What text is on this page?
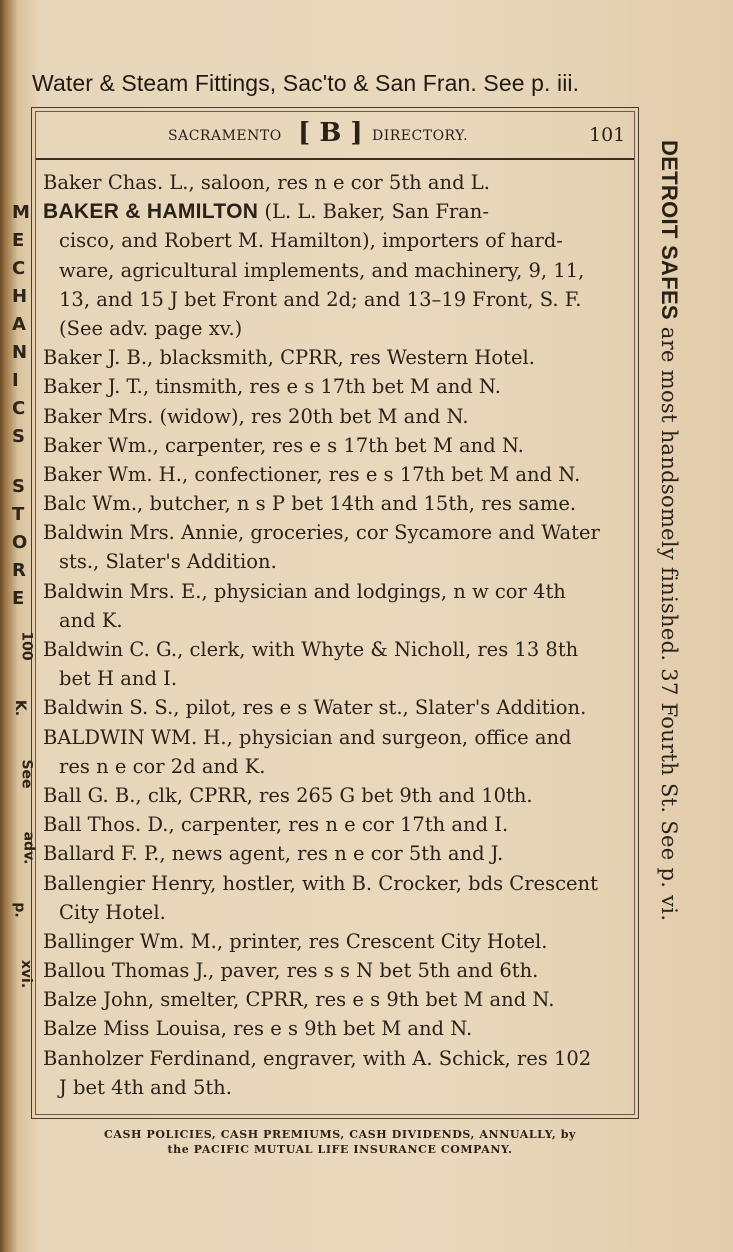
Water & Steam Fittings, Sac'to & San Fran. See p. iii.
SACRAMENTO [ B ] DIRECTORY.	101
Baker Chas. L., saloon, res n e cor 5th and L.
BAKER & HAMILTON (L. L. Baker, San Fran-
cisco, and Robert M. Hamilton), importers of hard-
ware, agricultural implements, and machinery, 9, 11,
13, and 15 J bet Front and 2d; and 13–19 Front, S. F.
(See adv. page xv.)
Baker J. B., blacksmith, CPRR, res Western Hotel.
Baker J. T., tinsmith, res e s 17th bet M and N.
Baker Mrs. (widow), res 20th bet M and N.
Baker Wm., carpenter, res e s 17th bet M and N.
Baker Wm. H., confectioner, res e s 17th bet M and N.
Balc Wm., butcher, n s P bet 14th and 15th, res same.
Baldwin Mrs. Annie, groceries, cor Sycamore and Water
sts., Slater's Addition.
Baldwin Mrs. E., physician and lodgings, n w cor 4th
and K.
Baldwin C. G., clerk, with Whyte & Nicholl, res 13 8th
bet H and I.
Baldwin S. S., pilot, res e s Water st., Slater's Addition.
BALDWIN WM. H., physician and surgeon, office and
res n e cor 2d and K.
Ball G. B., clk, CPRR, res 265 G bet 9th and 10th.
Ball Thos. D., carpenter, res n e cor 17th and I.
Ballard F. P., news agent, res n e cor 5th and J.
Ballengier Henry, hostler, with B. Crocker, bds Crescent
City Hotel.
Ballinger Wm. M., printer, res Crescent City Hotel.
Ballou Thomas J., paver, res s s N bet 5th and 6th.
Balze John, smelter, CPRR, res e s 9th bet M and N.
Balze Miss Louisa, res e s 9th bet M and N.
Banholzer Ferdinand, engraver, with A. Schick, res 102
J bet 4th and 5th.
M
E
C
H
A
N
I
C
S
S
T
O
R
E
100
K.
See
adv.
p.
xvi.
DETROIT SAFES are most handsomely finished. 37 Fourth St. See p. vi.
CASH POLICIES, CASH PREMIUMS, CASH DIVIDENDS, ANNUALLY, by
the PACIFIC MUTUAL LIFE INSURANCE COMPANY.
